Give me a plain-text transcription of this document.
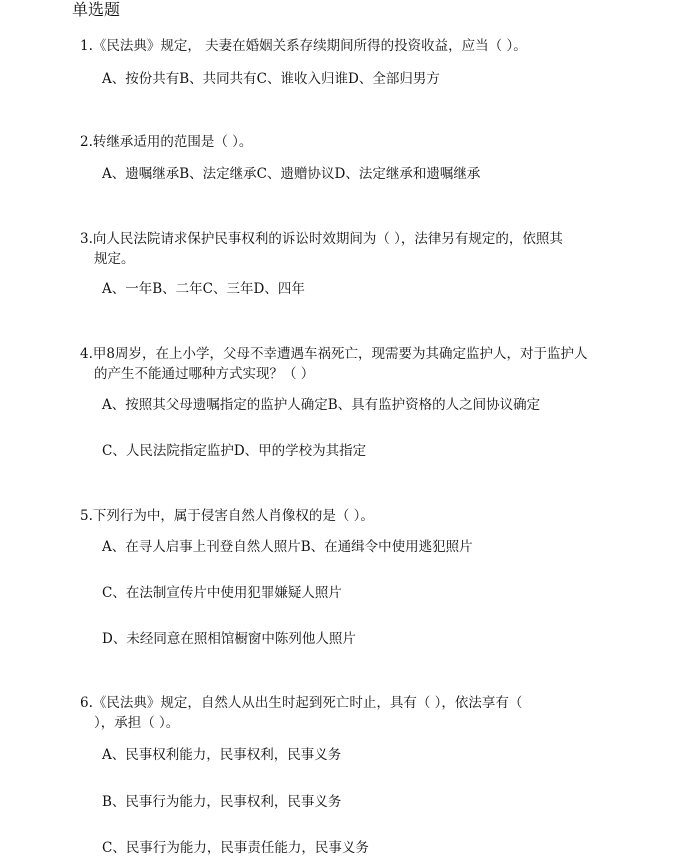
单选题
1.《民法典》规定， 夫妻在婚姻关系存续期间所得的投资收益，应当（ ）。
A、按份共有B、共同共有C、谁收入归谁D、全部归男方
2.转继承适用的范围是（ ）。
A、遗嘱继承B、法定继承C、遗赠协议D、法定继承和遗嘱继承
3.向人民法院请求保护民事权利的诉讼时效期间为（ ），法律另有规定的，依照其
规定。
A、一年B、二年C、三年D、四年
4.甲8周岁，在上小学，父母不幸遭遇车祸死亡，现需要为其确定监护人，对于监护人
的产生不能通过哪种方式实现？（ ）
A、按照其父母遗嘱指定的监护人确定B、具有监护资格的人之间协议确定
C、人民法院指定监护D、甲的学校为其指定
5.下列行为中，属于侵害自然人肖像权的是（ ）。
A、在寻人启事上刊登自然人照片B、在通缉令中使用逃犯照片
C、在法制宣传片中使用犯罪嫌疑人照片
D、未经同意在照相馆橱窗中陈列他人照片
6.《民法典》规定，自然人从出生时起到死亡时止，具有（ ），依法享有（
），承担（ ）。
A、民事权利能力，民事权利，民事义务
B、民事行为能力，民事权利，民事义务
C、民事行为能力，民事责任能力，民事义务
